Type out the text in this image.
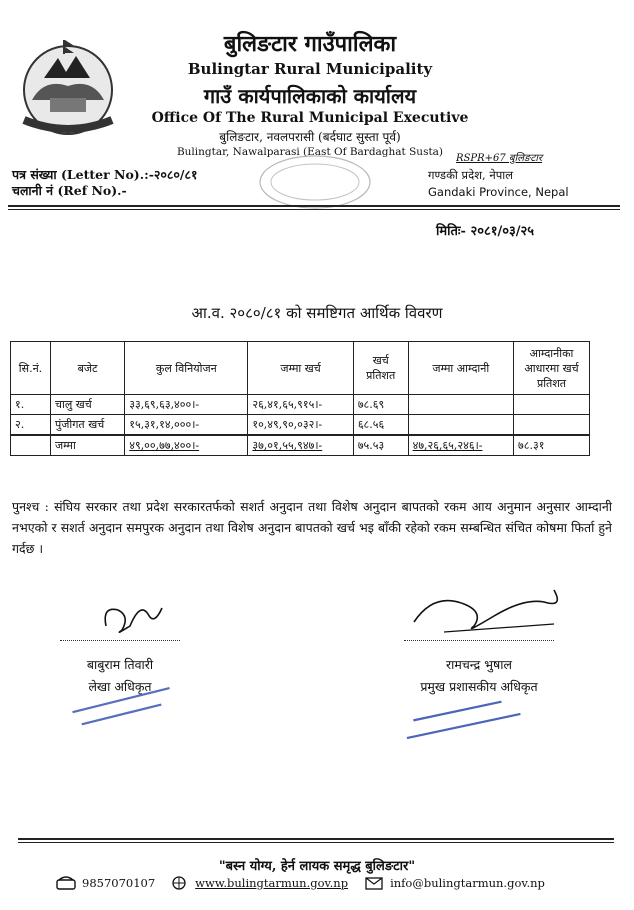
बुलिङटार गाउँपालिका
Bulingtar Rural Municipality
गाउँ कार्यपालिकाको कार्यालय
Office Of The Rural Municipal Executive
बुलिङटार, नवलपरासी (बर्दघाट सुस्ता पूर्व)
Bulingtar, Nawalparasi (East Of Bardaghat Susta)
RSPR+67 बुलिङटार
पत्र संख्या (Letter No).:-२०८०/८१
चलानी नं (Ref No).-
गण्डकी प्रदेश, नेपाल
Gandaki Province, Nepal
मितिः- २०८१/०३/२५
आ.व. २०८०/८१ को समष्टिगत आर्थिक विवरण
सि.नं.	बजेट	कुल विनियोजन	जम्मा खर्च	खर्च प्रतिशत	जम्मा आम्दानी	आम्दानीका आधारमा खर्च प्रतिशत
१.	चालु खर्च	३३,६९,६३,४००।-	२६,४१,६५,९१५।-	७८.६९		
२.	पुंजीगत खर्च	१५,३१,१४,०००।-	१०,४९,९०,०३२।-	६८.५६		
	जम्मा	४९,००,७७,४००।-	३७,०१,५५,९४७।-	७५.५३	४७,२६,६५,२४६।-	७८.३१
पुनश्च : संघिय सरकार तथा प्रदेश सरकारतर्फको सशर्त अनुदान तथा विशेष अनुदान बापतको रकम आय अनुमान अनुसार आम्दानी नभएको र सशर्त अनुदान समपुरक अनुदान तथा विशेष अनुदान बापतको खर्च भइ बाँकी रहेको रकम सम्बन्धित संचित कोषमा फिर्ता हुने गर्दछ ।
बाबुराम तिवारी
लेखा अधिकृत
रामचन्द्र भुषाल
प्रमुख प्रशासकीय अधिकृत
"बस्न योग्य, हेर्न लायक समृद्ध बुलिङटार"
9857070107	www.bulingtarmun.gov.np	info@bulingtarmun.gov.np
